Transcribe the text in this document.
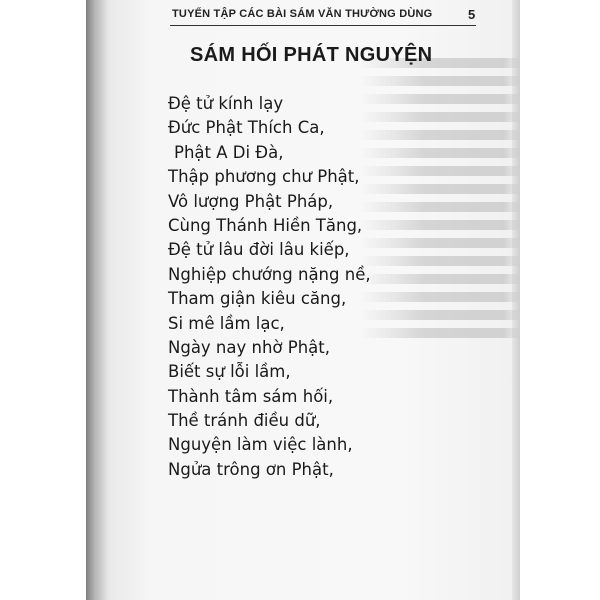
TUYỂN TẬP CÁC BÀI SÁM VĂN THƯỜNG DÙNG	5
SÁM HỐI PHÁT NGUYỆN
Đệ tử kính lạy
Đức Phật Thích Ca,
Phật A Di Đà,
Thập phương chư Phật,
Vô lượng Phật Pháp,
Cùng Thánh Hiền Tăng,
Đệ tử lâu đời lâu kiếp,
Nghiệp chướng nặng nề,
Tham giận kiêu căng,
Si mê lầm lạc,
Ngày nay nhờ Phật,
Biết sự lỗi lầm,
Thành tâm sám hối,
Thề tránh điều dữ,
Nguyện làm việc lành,
Ngửa trông ơn Phật,
